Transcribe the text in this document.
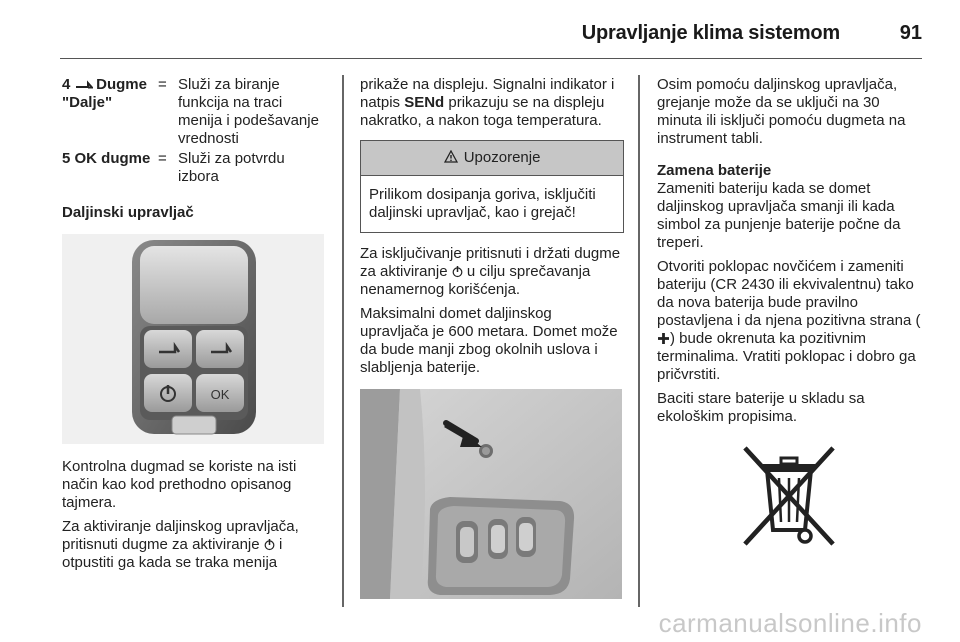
Upravljanje klima sistemom	91
4 Dugme
"Dalje"
= Služi za biranje funkcija na traci menija i podešavanje vrednosti
5 OK dugme = Služi za potvrdu izbora
Daljinski upravljač
OK

Kontrolna dugmad se koriste na isti način kao kod prethodno opisanog tajmera.

Za aktiviranje daljinskog upravljača, pritisnuti dugme za aktiviranje i otpustiti ga kada se traka menija

prikaže na displeju. Signalni indikator i natpis SENd prikazuju se na displeju nakratko, a nakon toga temperatura.

Upozorenje
Prilikom dosipanja goriva, isključiti daljinski upravljač, kao i grejač!

Za isključivanje pritisnuti i držati dugme za aktiviranje u cilju sprečavanja nenamernog korišćenja.

Maksimalni domet daljinskog upravljača je 600 metara. Domet može da bude manji zbog okolnih uslova i slabljenja baterije.

Osim pomoću daljinskog upravljača, grejanje može da se uključi na 30 minuta ili isključi pomoću dugmeta na instrument tabli.

Zamena baterije

Zameniti bateriju kada se domet daljinskog upravljača smanji ili kada simbol za punjenje baterije počne da treperi.

Otvoriti poklopac novčićem i zameniti bateriju (CR 2430 ili ekvivalentnu) tako da nova baterija bude pravilno postavljena i da njena pozitivna strana () bude okrenuta ka pozitivnim terminalima. Vratiti poklopac i dobro ga pričvrstiti.

Baciti stare baterije u skladu sa ekološkim propisima.

carmanualsonline.info
